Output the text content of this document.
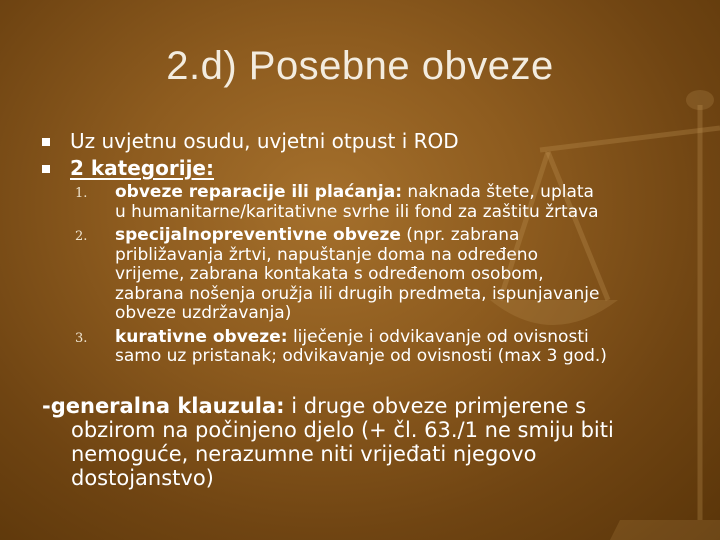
2.d) Posebne obveze
Uz uvjetnu osudu, uvjetni otpust i ROD
2 kategorije:
1. obveze reparacije ili plaćanja: naknada štete, uplata
u humanitarne/karitativne svrhe ili fond za zaštitu žrtava
2. specijalnopreventivne obveze (npr. zabrana
približavanja žrtvi, napuštanje doma na određeno
vrijeme, zabrana kontakata s određenom osobom,
zabrana nošenja oružja ili drugih predmeta, ispunjavanje
obveze uzdržavanja)
3. kurativne obveze: liječenje i odvikavanje od ovisnosti
samo uz pristanak; odvikavanje od ovisnosti (max 3 god.)
-generalna klauzula: i druge obveze primjerene s
obzirom na počinjeno djelo (+ čl. 63./1 ne smiju biti
nemoguće, nerazumne niti vrijeđati njegovo
dostojanstvo)
